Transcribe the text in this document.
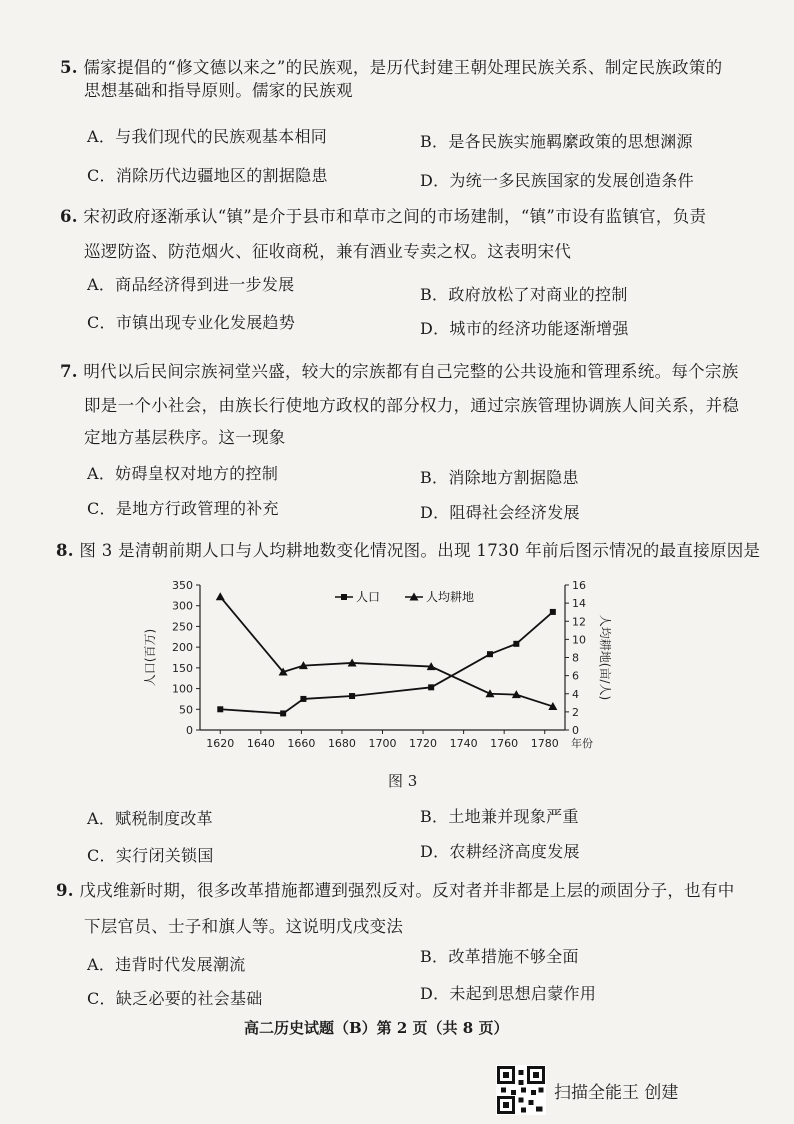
5. 儒家提倡的“修文德以来之”的民族观，是历代封建王朝处理民族关系、制定民族政策的
思想基础和指导原则。儒家的民族观
A．与我们现代的民族观基本相同	B．是各民族实施羁縻政策的思想渊源
C．消除历代边疆地区的割据隐患	D．为统一多民族国家的发展创造条件
6. 宋初政府逐渐承认“镇”是介于县市和草市之间的市场建制，“镇”市设有监镇官，负责
巡逻防盗、防范烟火、征收商税，兼有酒业专卖之权。这表明宋代
A．商品经济得到进一步发展
B．政府放松了对商业的控制
C．市镇出现专业化发展趋势	D．城市的经济功能逐渐增强
7. 明代以后民间宗族祠堂兴盛，较大的宗族都有自己完整的公共设施和管理系统。每个宗族
即是一个小社会，由族长行使地方政权的部分权力，通过宗族管理协调族人间关系，并稳
定地方基层秩序。这一现象
A．妨碍皇权对地方的控制	B．消除地方割据隐患
C．是地方行政管理的补充	D．阻碍社会经济发展
8. 图 3 是清朝前期人口与人均耕地数变化情况图。出现 1730 年前后图示情况的最直接原因是
0
50
100
150
200
250
300
350
0
2
4
6
8
10
12
14
16
1620 1640 1660 1680 1700 1720 1740 1760 1780 年份
人口(百万)	人均耕地(亩/人)
人口	人均耕地
图 3
A．赋税制度改革	B．土地兼并现象严重
C．实行闭关锁国	D．农耕经济高度发展
9. 戊戌维新时期，很多改革措施都遭到强烈反对。反对者并非都是上层的顽固分子，也有中
下层官员、士子和旗人等。这说明戊戌变法
A．违背时代发展潮流	B．改革措施不够全面
C．缺乏必要的社会基础	D．未起到思想启蒙作用
高二历史试题（B）第 2 页（共 8 页）
扫描全能王 创建
